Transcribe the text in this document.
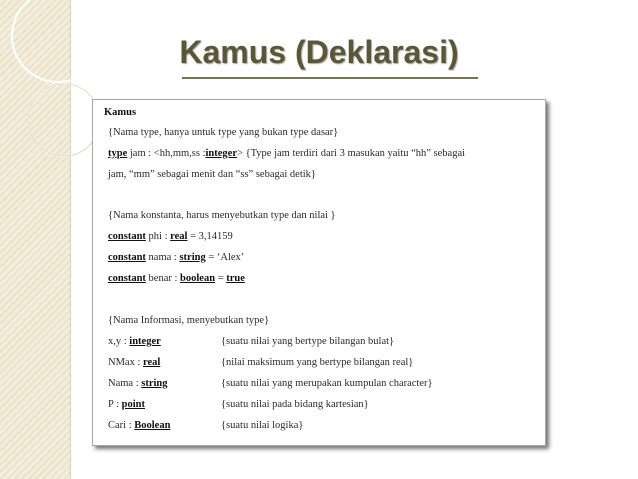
Kamus (Deklarasi)
Kamus
{Nama type, hanya untuk type yang bukan type dasar}
type jam : <hh,mm,ss :integer> {Type jam terdiri dari 3 masukan yaitu “hh” sebagai
jam, “mm” sebagai menit dan “ss” sebagai detik}
{Nama konstanta, harus menyebutkan type dan nilai }
constant phi : real = 3,14159
constant nama : string = ‘Alex’
constant benar : boolean = true
{Nama Informasi, menyebutkan type}
x,y : integer	{suatu nilai yang bertype bilangan bulat}
NMax : real	{nilai maksimum yang bertype bilangan real}
Nama : string	{suatu nilai yang merupakan kumpulan character}
P : point	{suatu nilai pada bidang kartesian}
Cari : Boolean	{suatu nilai logika}
